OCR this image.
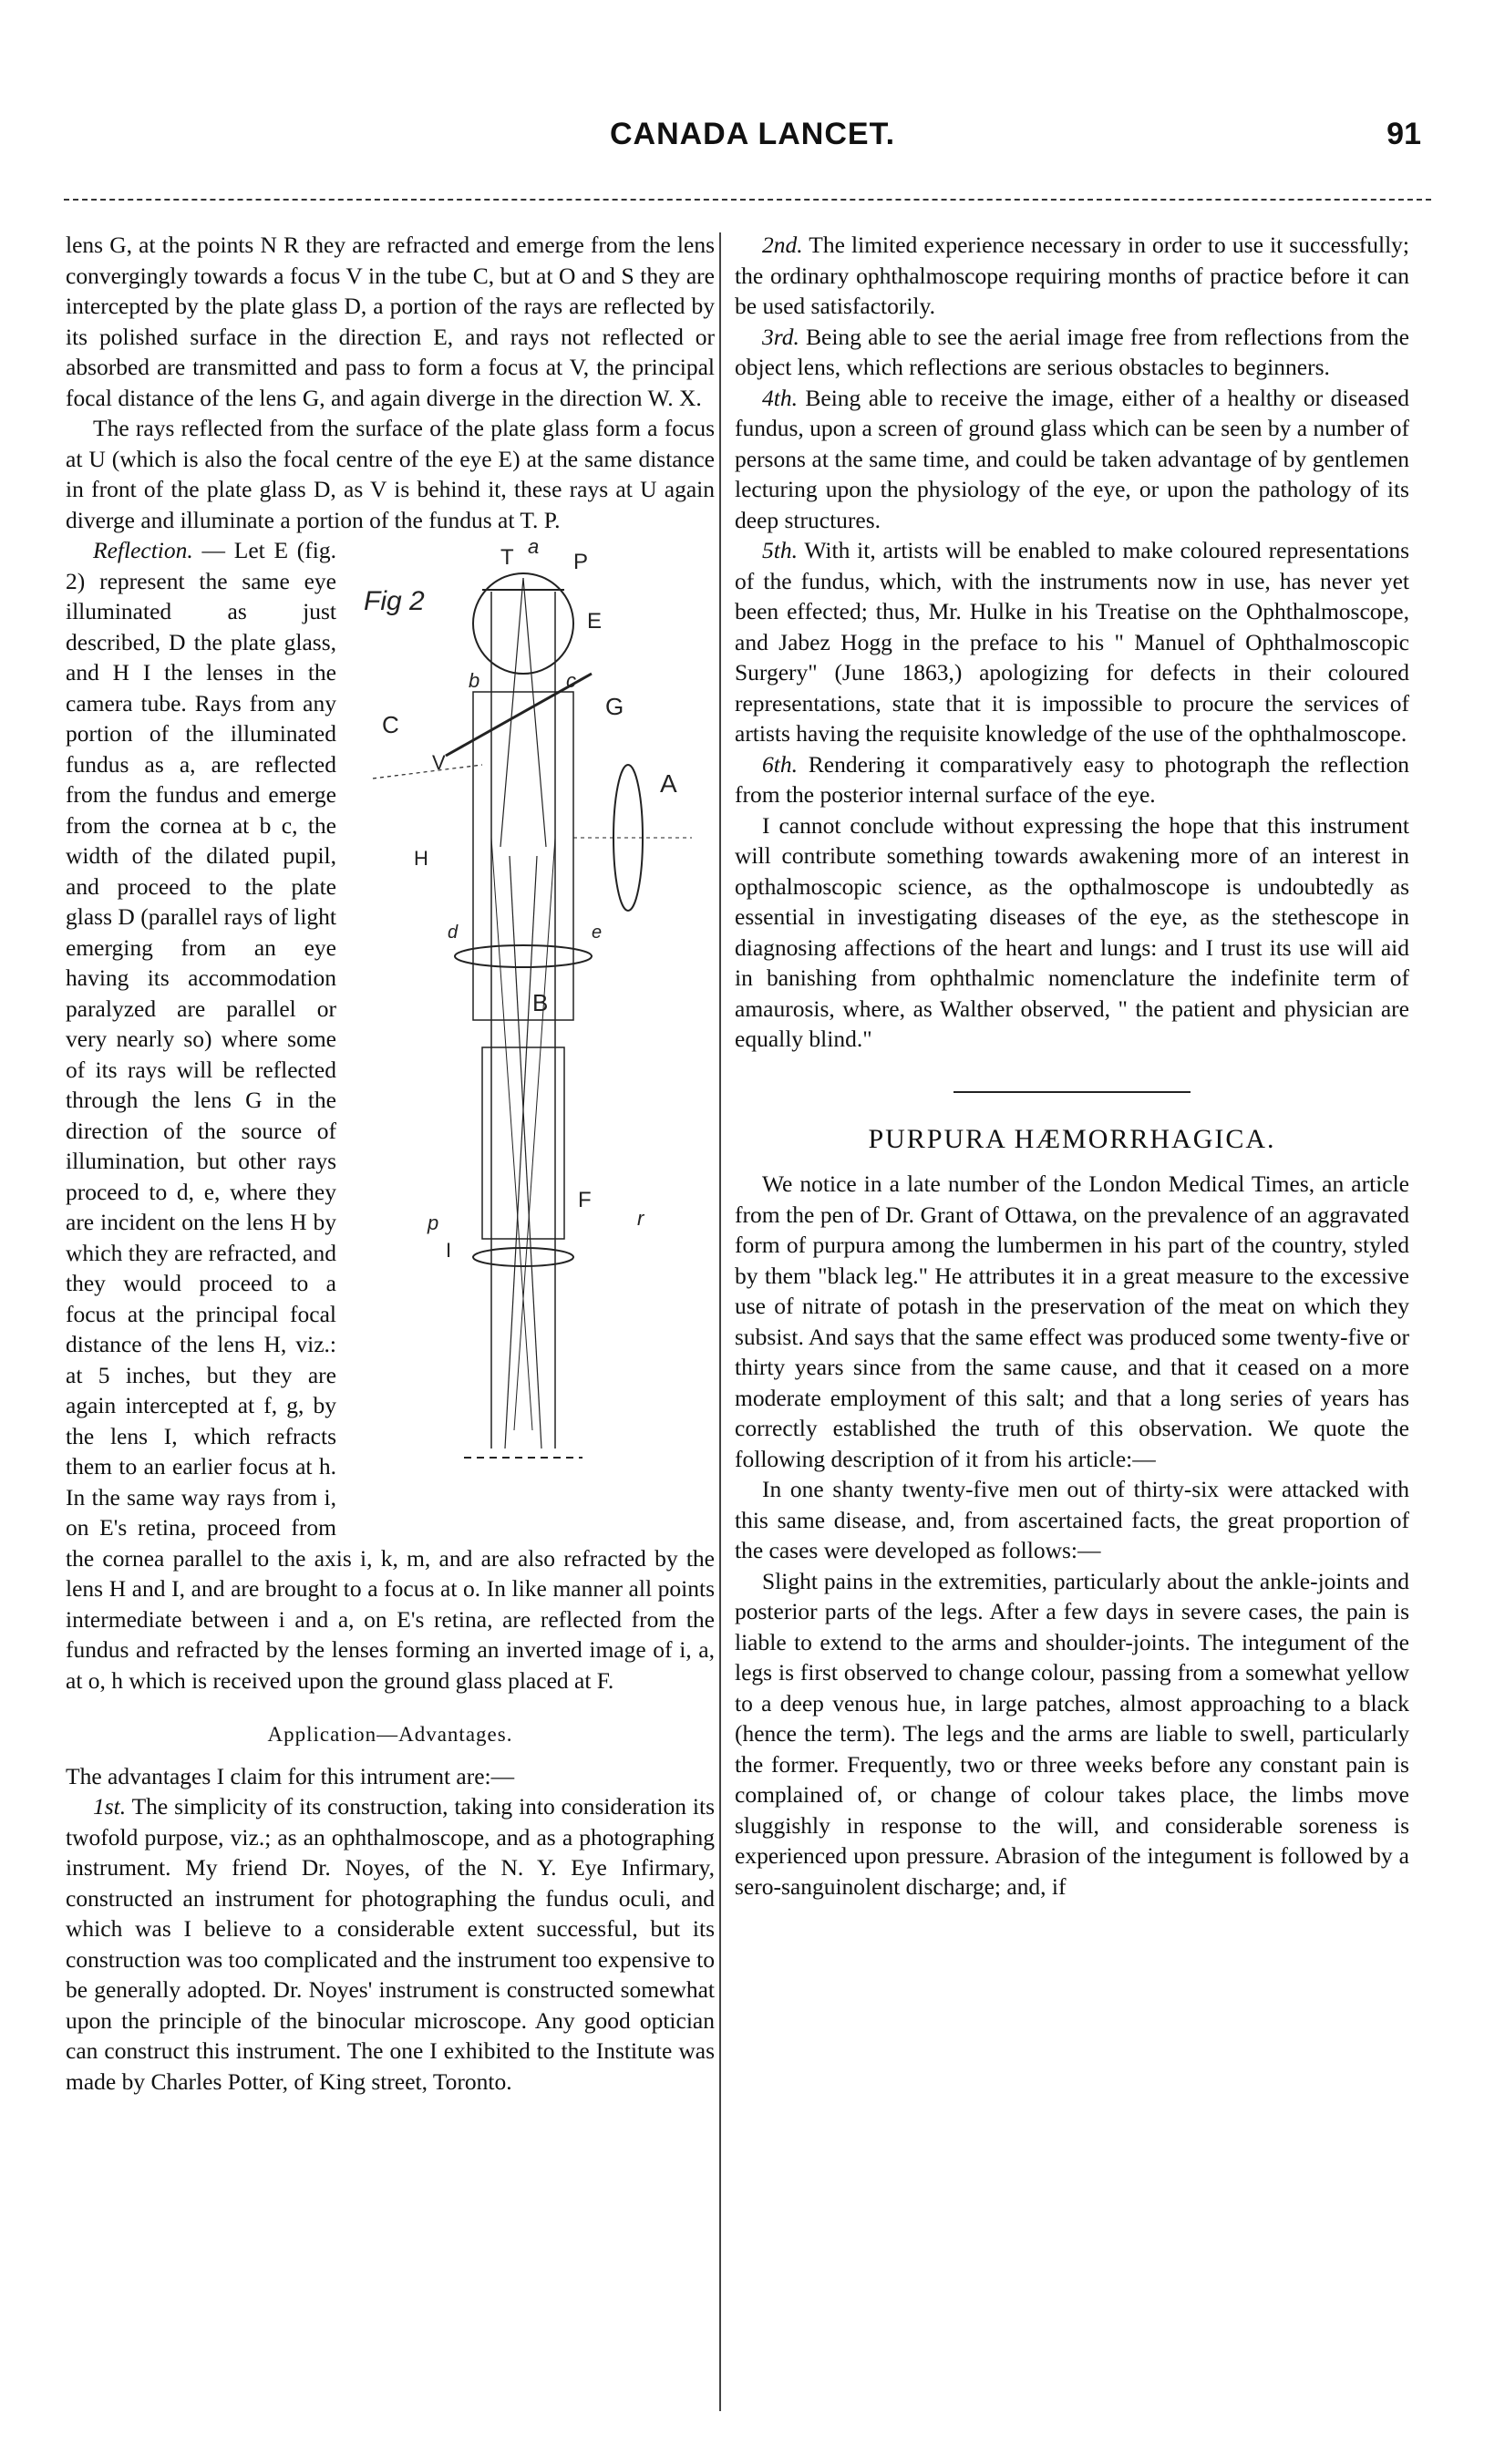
CANADA LANCET.	91

lens G, at the points N R they are refracted and emerge from the lens convergingly towards a focus V in the tube C, but at O and S they are intercepted by the plate glass D, a portion of the rays are reflected by its polished surface in the direction E, and rays not reflected or absorbed are transmitted and pass to form a focus at V, the principal focal distance of the lens G, and again diverge in the direction W. X.

The rays reflected from the surface of the plate glass form a focus at U (which is also the focal centre of the eye E) at the same distance in front of the plate glass D, as V is behind it, these rays at U again diverge and illuminate a portion of the fundus at T. P.

Fig 2
T a
P
E
b	c
C
G
V
A
H
B
I
F
p	r
d	e

Reflection. — Let E (fig. 2) represent the same eye illuminated as just described, D the plate glass, and H I the lenses in the camera tube. Rays from any portion of the illuminated fundus as a, are reflected from the fundus and emerge from the cornea at b c, the width of the dilated pupil, and proceed to the plate glass D (parallel rays of light emerging from an eye having its accommodation paralyzed are parallel or very nearly so) where some of its rays will be reflected through the lens G in the direction of the source of illumination, but other rays proceed to d, e, where they are incident on the lens H by which they are refracted, and they would proceed to a focus at the principal focal distance of the lens H, viz.: at 5 inches, but they are again intercepted at f, g, by the lens I, which refracts them to an earlier focus at h. In the same way rays from i, on E's retina, proceed from the cornea parallel to the axis i, k, m, and are also refracted by the lens H and I, and are brought to a focus at o. In like manner all points intermediate between i and a, on E's retina, are reflected from the fundus and refracted by the lenses forming an inverted image of i, a, at o, h which is received upon the ground glass placed at F.

Application—Advantages.

The advantages I claim for this intrument are:—

1st. The simplicity of its construction, taking into consideration its twofold purpose, viz.; as an ophthalmoscope, and as a photographing instrument. My friend Dr. Noyes, of the N. Y. Eye Infirmary, constructed an instrument for photographing the fundus oculi, and which was I believe to a considerable extent successful, but its construction was too complicated and the instrument too expensive to be generally adopted. Dr. Noyes' instrument is constructed somewhat upon the principle of the binocular microscope. Any good optician can construct this instrument. The one I exhibited to the Institute was made by Charles Potter, of King street, Toronto.

2nd. The limited experience necessary in order to use it successfully; the ordinary ophthalmoscope requiring months of practice before it can be used satisfactorily.

3rd. Being able to see the aerial image free from reflections from the object lens, which reflections are serious obstacles to beginners.

4th. Being able to receive the image, either of a healthy or diseased fundus, upon a screen of ground glass which can be seen by a number of persons at the same time, and could be taken advantage of by gentlemen lecturing upon the physiology of the eye, or upon the pathology of its deep structures.

5th. With it, artists will be enabled to make coloured representations of the fundus, which, with the instruments now in use, has never yet been effected; thus, Mr. Hulke in his Treatise on the Ophthalmoscope, and Jabez Hogg in the preface to his " Manuel of Ophthalmoscopic Surgery" (June 1863,) apologizing for defects in their coloured representations, state that it is impossible to procure the services of artists having the requisite knowledge of the use of the ophthalmoscope.

6th. Rendering it comparatively easy to photograph the reflection from the posterior internal surface of the eye.

I cannot conclude without expressing the hope that this instrument will contribute something towards awakening more of an interest in opthalmoscopic science, as the opthalmoscope is undoubtedly as essential in investigating diseases of the eye, as the stethescope in diagnosing affections of the heart and lungs: and I trust its use will aid in banishing from ophthalmic nomenclature the indefinite term of amaurosis, where, as Walther observed, " the patient and physician are equally blind."

PURPURA HÆMORRHAGICA.

We notice in a late number of the London Medical Times, an article from the pen of Dr. Grant of Ottawa, on the prevalence of an aggravated form of purpura among the lumbermen in his part of the country, styled by them "black leg." He attributes it in a great measure to the excessive use of nitrate of potash in the preservation of the meat on which they subsist. And says that the same effect was produced some twenty-five or thirty years since from the same cause, and that it ceased on a more moderate employment of this salt; and that a long series of years has correctly established the truth of this observation. We quote the following description of it from his article:—

In one shanty twenty-five men out of thirty-six were attacked with this same disease, and, from ascertained facts, the great proportion of the cases were developed as follows:—

Slight pains in the extremities, particularly about the ankle-joints and posterior parts of the legs. After a few days in severe cases, the pain is liable to extend to the arms and shoulder-joints. The integument of the legs is first observed to change colour, passing from a somewhat yellow to a deep venous hue, in large patches, almost approaching to a black (hence the term). The legs and the arms are liable to swell, particularly the former. Frequently, two or three weeks before any constant pain is complained of, or change of colour takes place, the limbs move sluggishly in response to the will, and considerable soreness is experienced upon pressure. Abrasion of the integument is followed by a sero-sanguinolent discharge; and, if
